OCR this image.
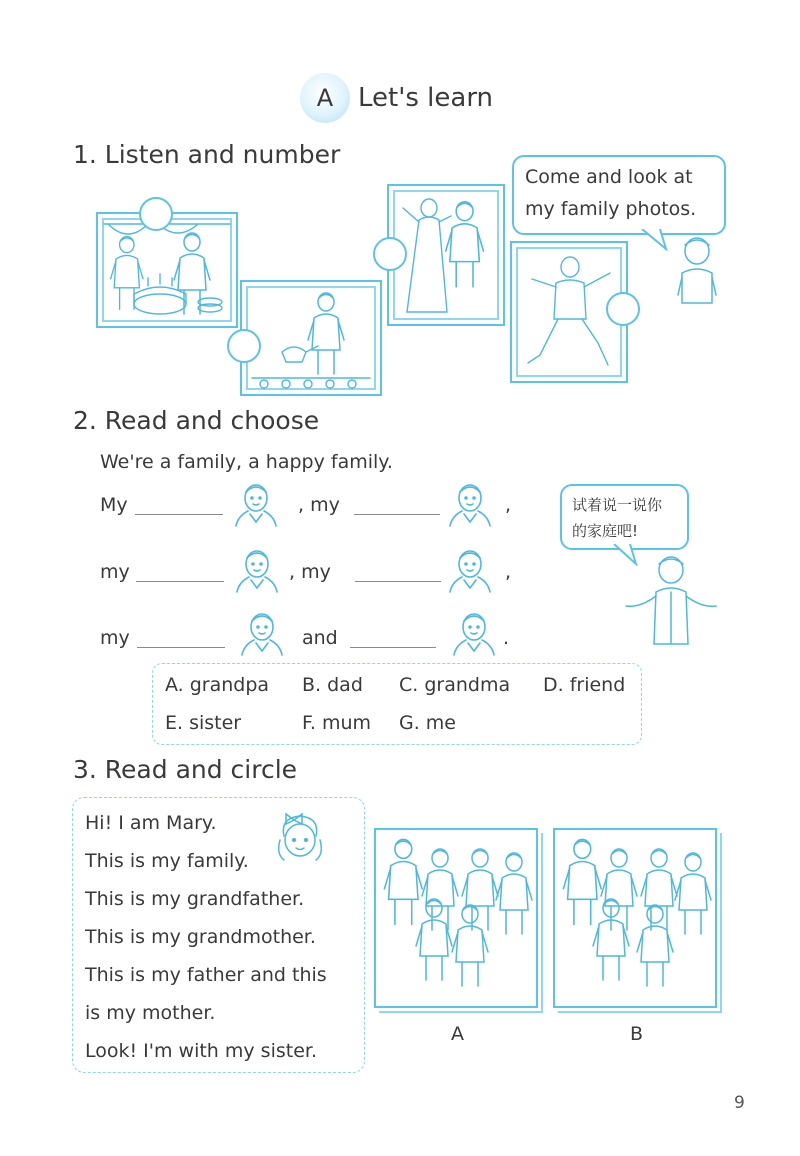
A Let's learn
1. Listen and number
Come and look at
my family photos.
2. Read and choose
We're a family, a happy family.
My	, my	,
my	, my	,
my	and	.
试着说一说你
的家庭吧!
A. grandpa B. dad C. grandma D. friend
E. sister	F. mum G. me
3. Read and circle
Hi! I am Mary.
This is my family.
This is my grandfather.
This is my grandmother.
This is my father and this
is my mother.
Look! I'm with my sister.
A	B
9
